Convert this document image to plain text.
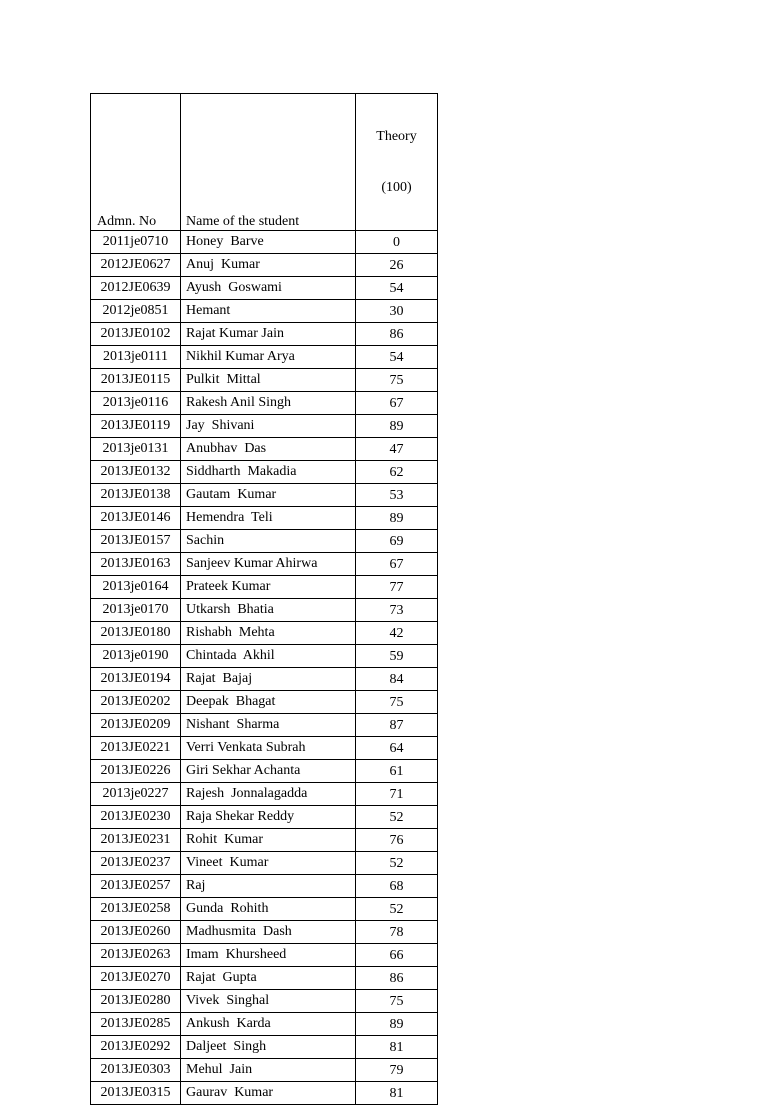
Admn. No	Name of the student	Theory

(100)

2011je0710	Honey  Barve	0
2012JE0627	Anuj  Kumar	26
2012JE0639	Ayush  Goswami	54
2012je0851	Hemant	30
2013JE0102	Rajat Kumar Jain	86
2013je0111	Nikhil Kumar Arya	54
2013JE0115	Pulkit  Mittal	75
2013je0116	Rakesh Anil Singh	67
2013JE0119	Jay  Shivani	89
2013je0131	Anubhav  Das	47
2013JE0132	Siddharth  Makadia	62
2013JE0138	Gautam  Kumar	53
2013JE0146	Hemendra  Teli	89
2013JE0157	Sachin	69
2013JE0163	Sanjeev Kumar Ahirwa	67
2013je0164	Prateek Kumar	77
2013je0170	Utkarsh  Bhatia	73
2013JE0180	Rishabh  Mehta	42
2013je0190	Chintada  Akhil	59
2013JE0194	Rajat  Bajaj	84
2013JE0202	Deepak  Bhagat	75
2013JE0209	Nishant  Sharma	87
2013JE0221	Verri Venkata Subrah	64
2013JE0226	Giri Sekhar Achanta	61
2013je0227	Rajesh  Jonnalagadda	71
2013JE0230	Raja Shekar Reddy	52
2013JE0231	Rohit  Kumar	76
2013JE0237	Vineet  Kumar	52
2013JE0257	Raj	68
2013JE0258	Gunda  Rohith	52
2013JE0260	Madhusmita  Dash	78
2013JE0263	Imam  Khursheed	66
2013JE0270	Rajat  Gupta	86
2013JE0280	Vivek  Singhal	75
2013JE0285	Ankush  Karda	89
2013JE0292	Daljeet  Singh	81
2013JE0303	Mehul  Jain	79
2013JE0315	Gaurav  Kumar	81
